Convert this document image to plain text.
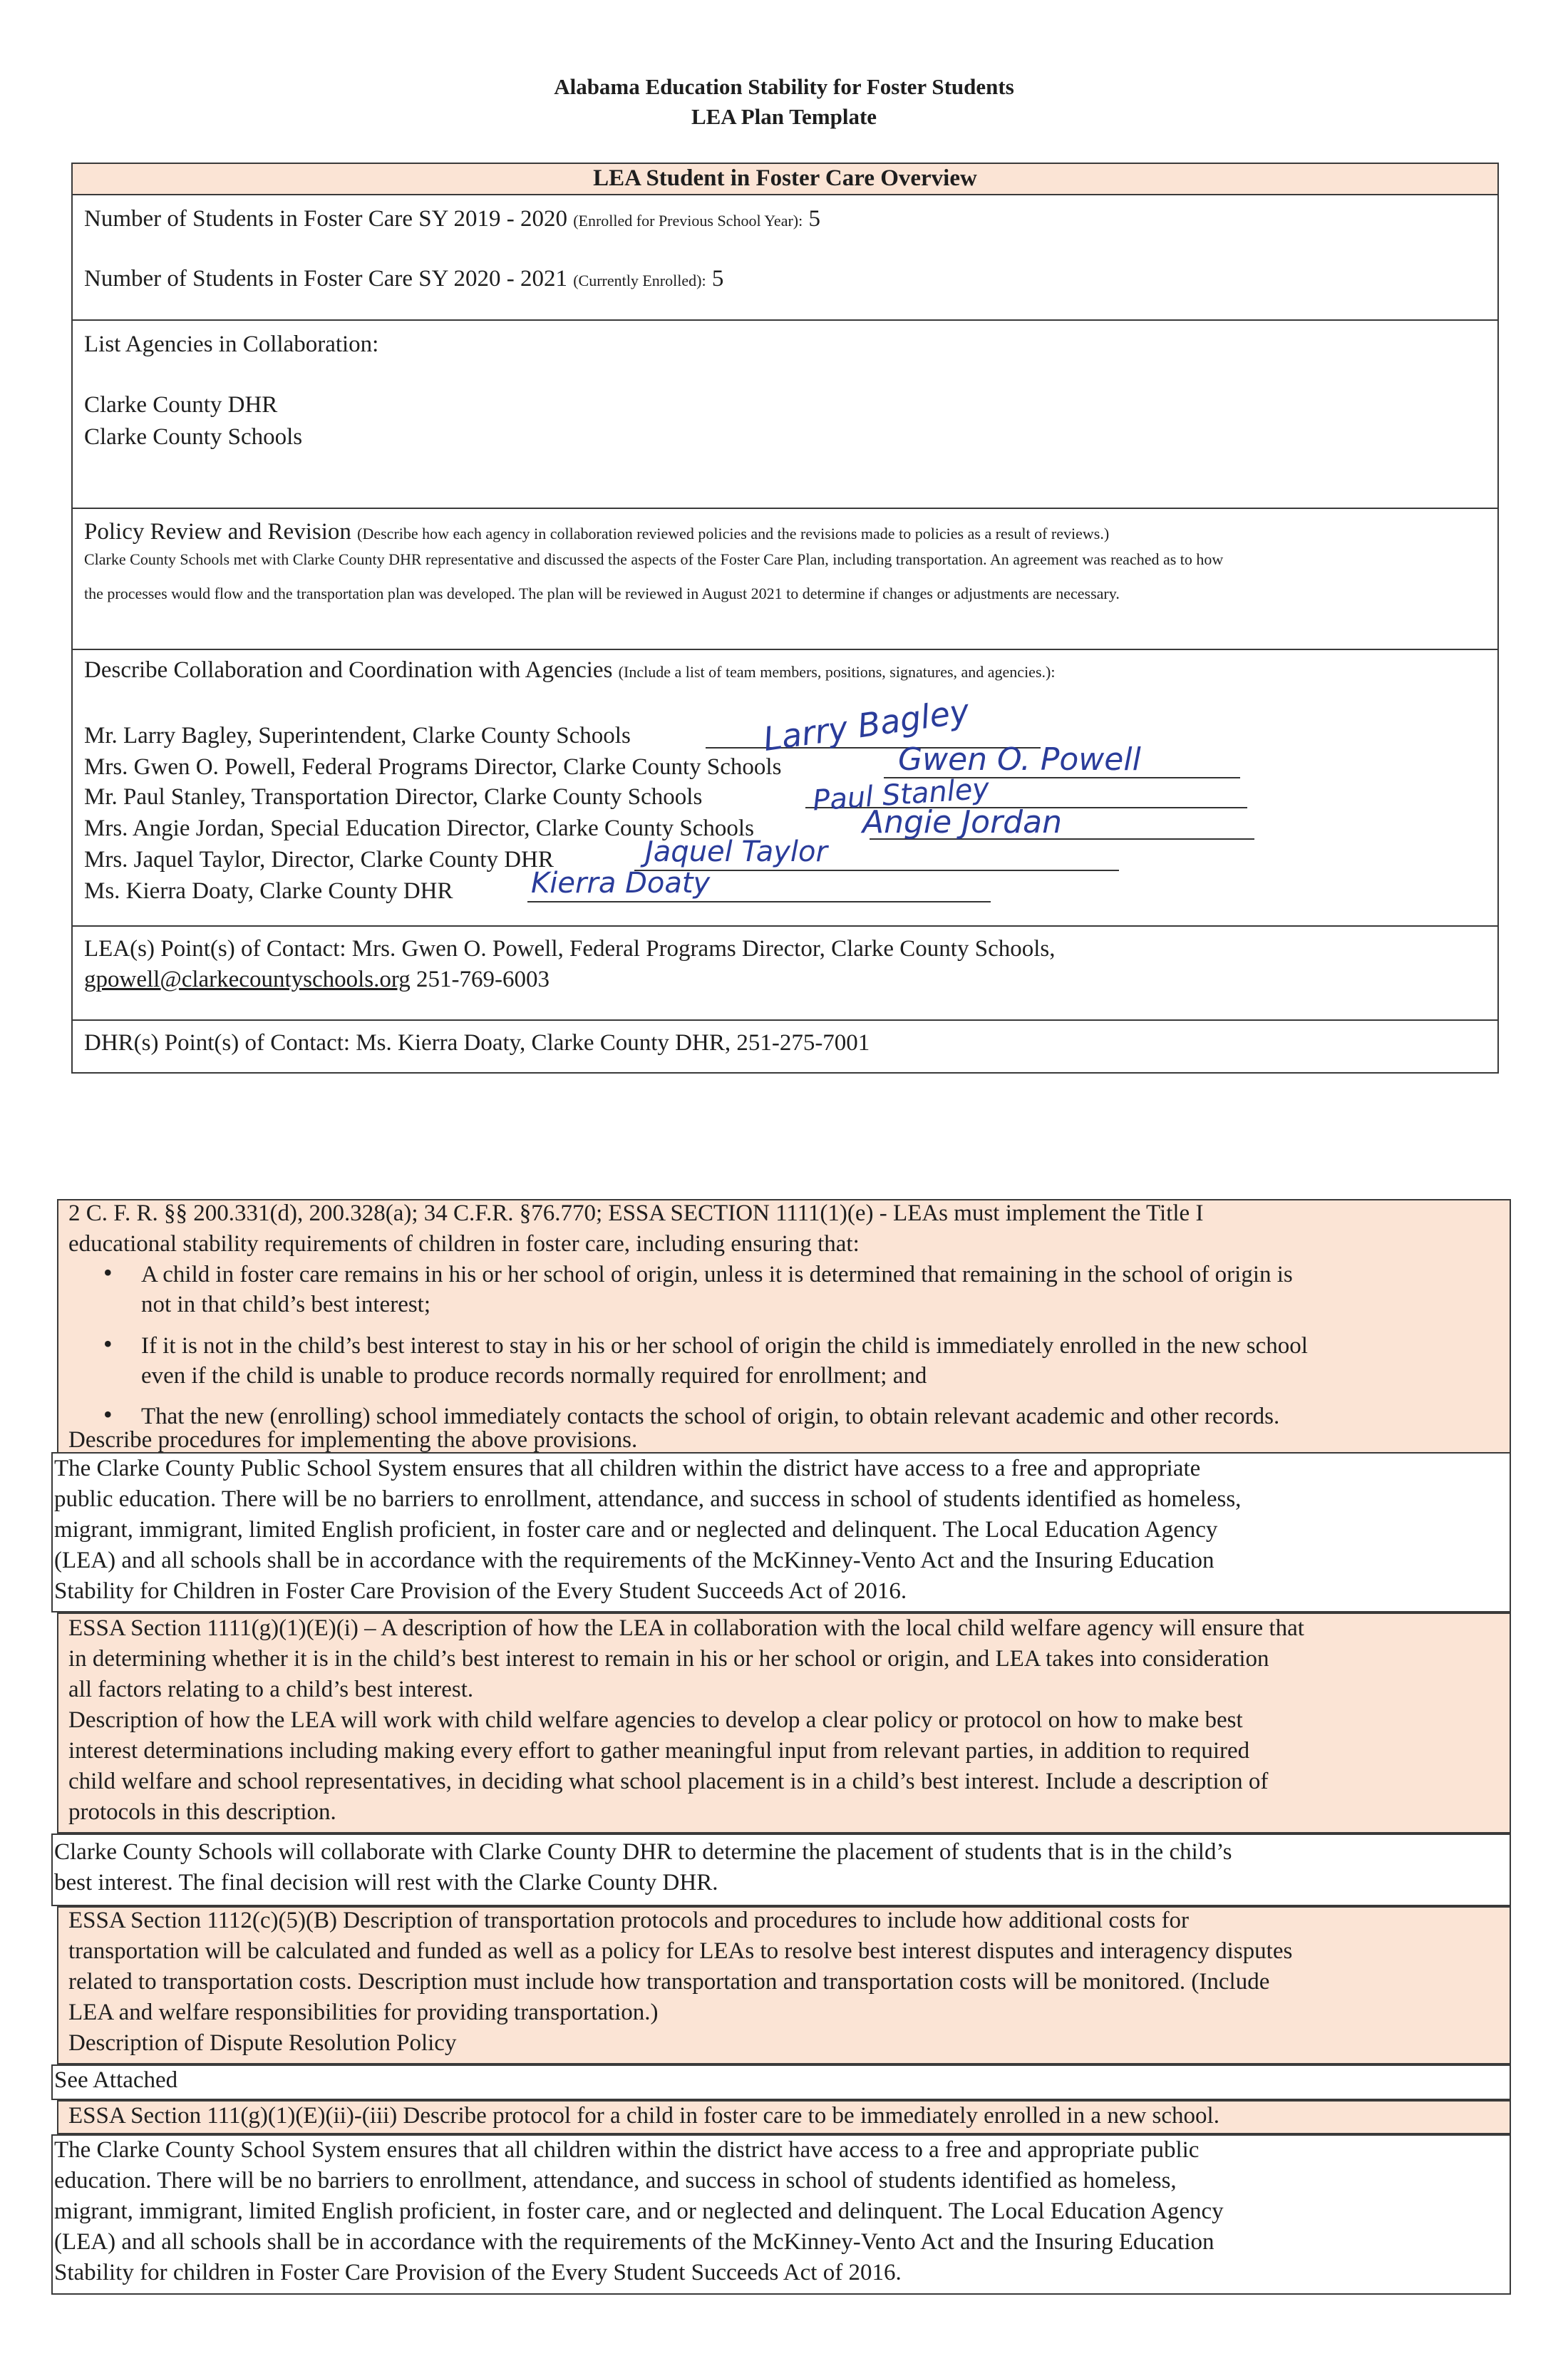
Alabama Education Stability for Foster Students
LEA Plan Template
LEA Student in Foster Care Overview
Number of Students in Foster Care SY 2019 - 2020 (Enrolled for Previous School Year): 5
Number of Students in Foster Care SY 2020 - 2021 (Currently Enrolled): 5
List Agencies in Collaboration:
Clarke County DHR
Clarke County Schools
Policy Review and Revision (Describe how each agency in collaboration reviewed policies and the revisions made to policies as a result of reviews.)
Clarke County Schools met with Clarke County DHR representative and discussed the aspects of the Foster Care Plan, including transportation. An agreement was reached as to how
the processes would flow and the transportation plan was developed. The plan will be reviewed in August 2021 to determine if changes or adjustments are necessary.
Describe Collaboration and Coordination with Agencies (Include a list of team members, positions, signatures, and agencies.):
Mr. Larry Bagley, Superintendent, Clarke County Schools
Mrs. Gwen O. Powell, Federal Programs Director, Clarke County Schools
Mr. Paul Stanley, Transportation Director, Clarke County Schools
Mrs. Angie Jordan, Special Education Director, Clarke County Schools
Mrs. Jaquel Taylor, Director, Clarke County DHR
Ms. Kierra Doaty, Clarke County DHR
Larry Bagley
Gwen O. Powell
Paul Stanley
Angie Jordan
Jaquel Taylor
Kierra Doaty
LEA(s) Point(s) of Contact: Mrs. Gwen O. Powell, Federal Programs Director, Clarke County Schools,
gpowell@clarkecountyschools.org 251-769-6003
DHR(s) Point(s) of Contact: Ms. Kierra Doaty, Clarke County DHR, 251-275-7001
2 C. F. R. §§ 200.331(d), 200.328(a); 34 C.F.R. §76.770; ESSA SECTION 1111(1)(e) - LEAs must implement the Title I
educational stability requirements of children in foster care, including ensuring that:
• A child in foster care remains in his or her school of origin, unless it is determined that remaining in the school of origin is
not in that child’s best interest;
• If it is not in the child’s best interest to stay in his or her school of origin the child is immediately enrolled in the new school
even if the child is unable to produce records normally required for enrollment; and
• That the new (enrolling) school immediately contacts the school of origin, to obtain relevant academic and other records.
Describe procedures for implementing the above provisions.
The Clarke County Public School System ensures that all children within the district have access to a free and appropriate
public education. There will be no barriers to enrollment, attendance, and success in school of students identified as homeless,
migrant, immigrant, limited English proficient, in foster care and or neglected and delinquent. The Local Education Agency
(LEA) and all schools shall be in accordance with the requirements of the McKinney-Vento Act and the Insuring Education
Stability for Children in Foster Care Provision of the Every Student Succeeds Act of 2016.
ESSA Section 1111(g)(1)(E)(i) – A description of how the LEA in collaboration with the local child welfare agency will ensure that
in determining whether it is in the child’s best interest to remain in his or her school or origin, and LEA takes into consideration
all factors relating to a child’s best interest.
Description of how the LEA will work with child welfare agencies to develop a clear policy or protocol on how to make best
interest determinations including making every effort to gather meaningful input from relevant parties, in addition to required
child welfare and school representatives, in deciding what school placement is in a child’s best interest. Include a description of
protocols in this description.
Clarke County Schools will collaborate with Clarke County DHR to determine the placement of students that is in the child’s
best interest. The final decision will rest with the Clarke County DHR.
ESSA Section 1112(c)(5)(B) Description of transportation protocols and procedures to include how additional costs for
transportation will be calculated and funded as well as a policy for LEAs to resolve best interest disputes and interagency disputes
related to transportation costs. Description must include how transportation and transportation costs will be monitored. (Include
LEA and welfare responsibilities for providing transportation.)
Description of Dispute Resolution Policy
See Attached
ESSA Section 111(g)(1)(E)(ii)-(iii) Describe protocol for a child in foster care to be immediately enrolled in a new school.
The Clarke County School System ensures that all children within the district have access to a free and appropriate public
education. There will be no barriers to enrollment, attendance, and success in school of students identified as homeless,
migrant, immigrant, limited English proficient, in foster care, and or neglected and delinquent. The Local Education Agency
(LEA) and all schools shall be in accordance with the requirements of the McKinney-Vento Act and the Insuring Education
Stability for children in Foster Care Provision of the Every Student Succeeds Act of 2016.
